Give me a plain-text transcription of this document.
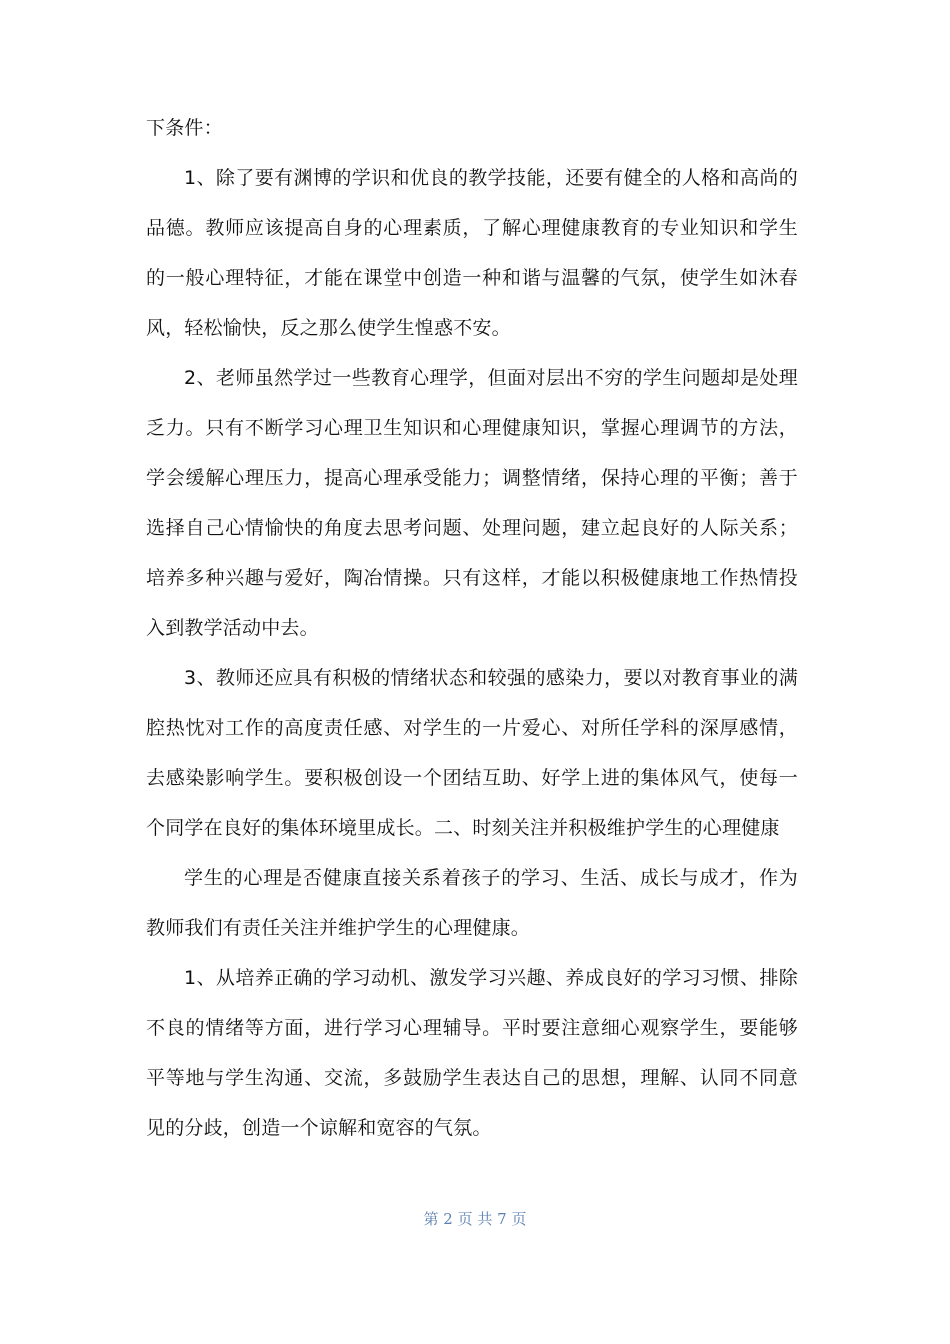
下条件：

1、除了要有渊博的学识和优良的教学技能，还要有健全的人格和高尚的品德。教师应该提高自身的心理素质，了解心理健康教育的专业知识和学生的一般心理特征，才能在课堂中创造一种和谐与温馨的气氛，使学生如沐春风，轻松愉快，反之那么使学生惶惑不安。

2、老师虽然学过一些教育心理学，但面对层出不穷的学生问题却是处理乏力。只有不断学习心理卫生知识和心理健康知识，掌握心理调节的方法，学会缓解心理压力，提高心理承受能力；调整情绪，保持心理的平衡；善于选择自己心情愉快的角度去思考问题、处理问题，建立起良好的人际关系；培养多种兴趣与爱好，陶冶情操。只有这样，才能以积极健康地工作热情投入到教学活动中去。

3、教师还应具有积极的情绪状态和较强的感染力，要以对教育事业的满腔热忱对工作的高度责任感、对学生的一片爱心、对所任学科的深厚感情，去感染影响学生。要积极创设一个团结互助、好学上进的集体风气，使每一个同学在良好的集体环境里成长。二、时刻关注并积极维护学生的心理健康

学生的心理是否健康直接关系着孩子的学习、生活、成长与成才，作为教师我们有责任关注并维护学生的心理健康。

1、从培养正确的学习动机、激发学习兴趣、养成良好的学习习惯、排除不良的情绪等方面，进行学习心理辅导。平时要注意细心观察学生，要能够平等地与学生沟通、交流，多鼓励学生表达自己的思想，理解、认同不同意见的分歧，创造一个谅解和宽容的气氛。

第 2 页 共 7 页
